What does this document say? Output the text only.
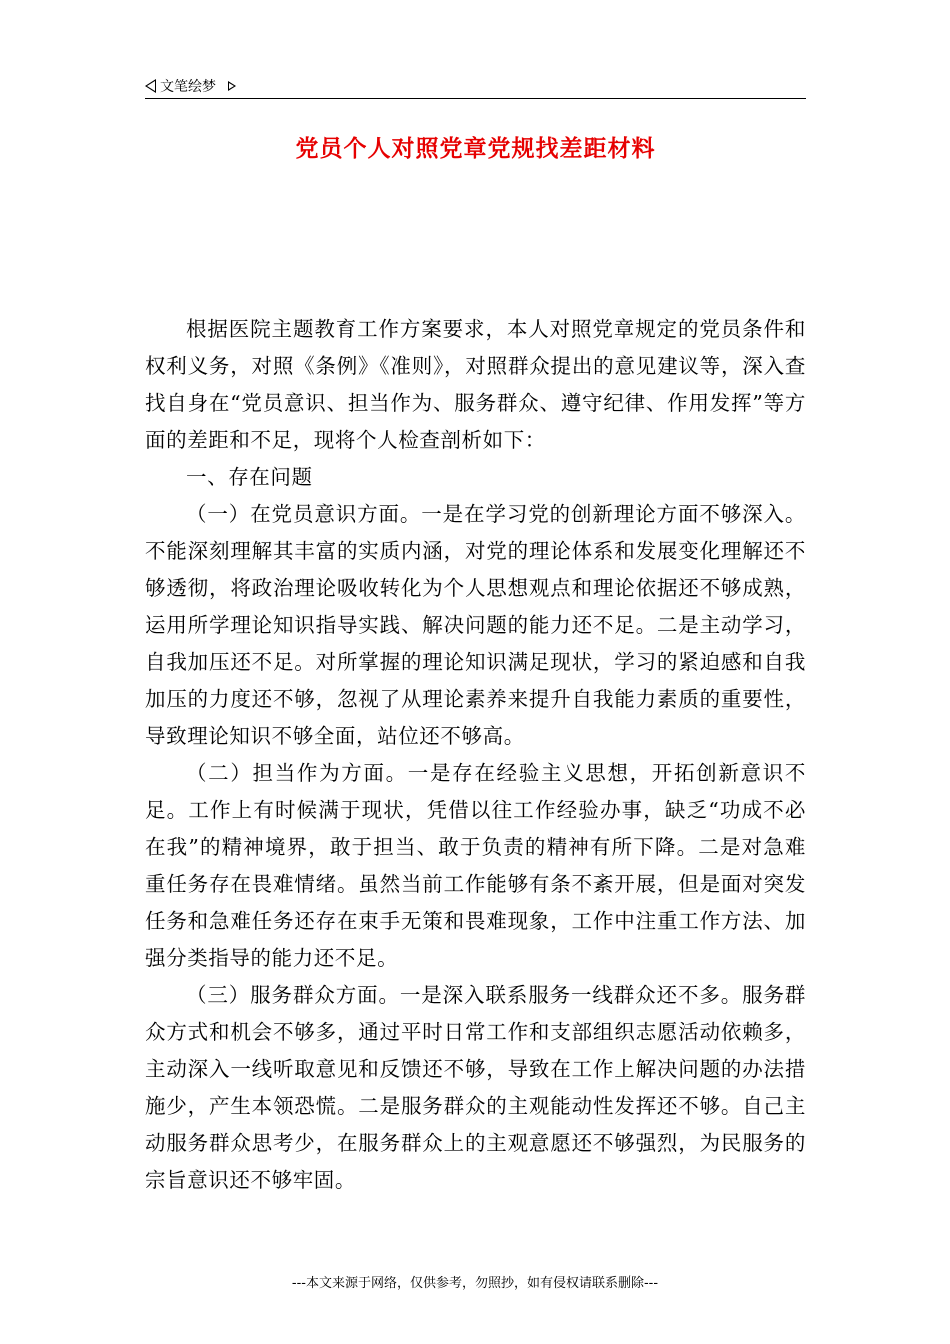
文笔绘梦
党员个人对照党章党规找差距材料

根据医院主题教育工作方案要求，本人对照党章规定的党员条件和权利义务，对照《条例》《准则》，对照群众提出的意见建议等，深入查找自身在“党员意识、担当作为、服务群众、遵守纪律、作用发挥”等方面的差距和不足，现将个人检查剖析如下：

一、存在问题

（一）在党员意识方面。一是在学习党的创新理论方面不够深入。不能深刻理解其丰富的实质内涵，对党的理论体系和发展变化理解还不够透彻，将政治理论吸收转化为个人思想观点和理论依据还不够成熟，运用所学理论知识指导实践、解决问题的能力还不足。二是主动学习，自我加压还不足。对所掌握的理论知识满足现状，学习的紧迫感和自我加压的力度还不够，忽视了从理论素养来提升自我能力素质的重要性，导致理论知识不够全面，站位还不够高。

（二）担当作为方面。一是存在经验主义思想，开拓创新意识不足。工作上有时候满于现状，凭借以往工作经验办事，缺乏“功成不必在我”的精神境界，敢于担当、敢于负责的精神有所下降。二是对急难重任务存在畏难情绪。虽然当前工作能够有条不紊开展，但是面对突发任务和急难任务还存在束手无策和畏难现象，工作中注重工作方法、加强分类指导的能力还不足。

（三）服务群众方面。一是深入联系服务一线群众还不多。服务群众方式和机会不够多，通过平时日常工作和支部组织志愿活动依赖多，主动深入一线听取意见和反馈还不够，导致在工作上解决问题的办法措施少，产生本领恐慌。二是服务群众的主观能动性发挥还不够。自己主动服务群众思考少，在服务群众上的主观意愿还不够强烈，为民服务的宗旨意识还不够牢固。

---本文来源于网络，仅供参考，勿照抄，如有侵权请联系删除---
